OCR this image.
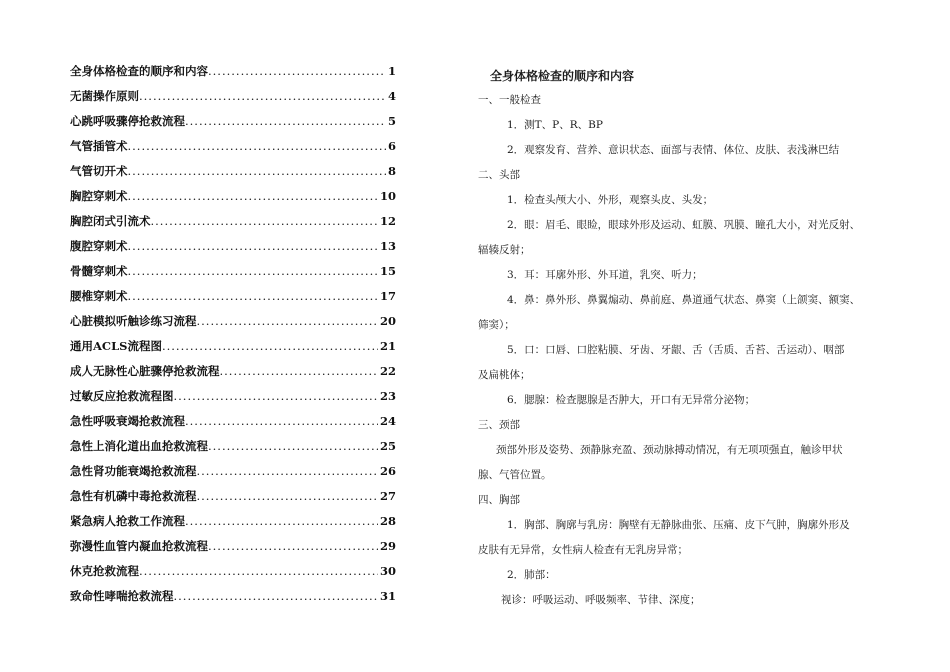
全身体格检查的顺序和内容 .....	1
无菌操作原则 .....	4
心跳呼吸骤停抢救流程 .....	5
气管插管术 .....	6
气管切开术 .....	8
胸腔穿刺术 .....	10
胸腔闭式引流术 .....	12
腹腔穿刺术 .....	13
骨髓穿刺术 .....	15
腰椎穿刺术 .....	17
心脏模拟听触诊练习流程 .....	20
通用ACLS流程图 .....	21
成人无脉性心脏骤停抢救流程 .....	22
过敏反应抢救流程图 .....	23
急性呼吸衰竭抢救流程 .....	24
急性上消化道出血抢救流程 .....	25
急性肾功能衰竭抢救流程 .....	26
急性有机磷中毒抢救流程 .....	27
紧急病人抢救工作流程 .....	28
弥漫性血管内凝血抢救流程 .....	29
休克抢救流程 .....	30
致命性哮喘抢救流程 .....	31
全身体格检查的顺序和内容

一、一般检查

1．测T、P、R、BP

2．观察发育、营养、意识状态、面部与表情、体位、皮肤、表浅淋巴结

二、头部

1．检查头颅大小、外形，观察头皮、头发；

2．眼：眉毛、眼睑，眼球外形及运动、虹膜、巩膜、瞳孔大小，对光反射、

辐辏反射；

3．耳：耳廓外形、外耳道，乳突、听力；

4．鼻：鼻外形、鼻翼煽动、鼻前庭、鼻道通气状态、鼻窦（上颌窦、额窦、

筛窦）；

5．口：口唇、口腔粘膜、牙齿、牙龈、舌（舌质、舌苔、舌运动）、咽部

及扁桃体；

6．腮腺：检查腮腺是否肿大，开口有无异常分泌物；

三、颈部

颈部外形及姿势、颈静脉充盈、颈动脉搏动情况，有无项项强直，触诊甲状

腺、气管位置。

四、胸部

1．胸部、胸廓与乳房：胸壁有无静脉曲张、压痛、皮下气肿，胸廓外形及

皮肤有无异常，女性病人检查有无乳房异常；

2．肺部：

视诊：呼吸运动、呼吸频率、节律、深度；
